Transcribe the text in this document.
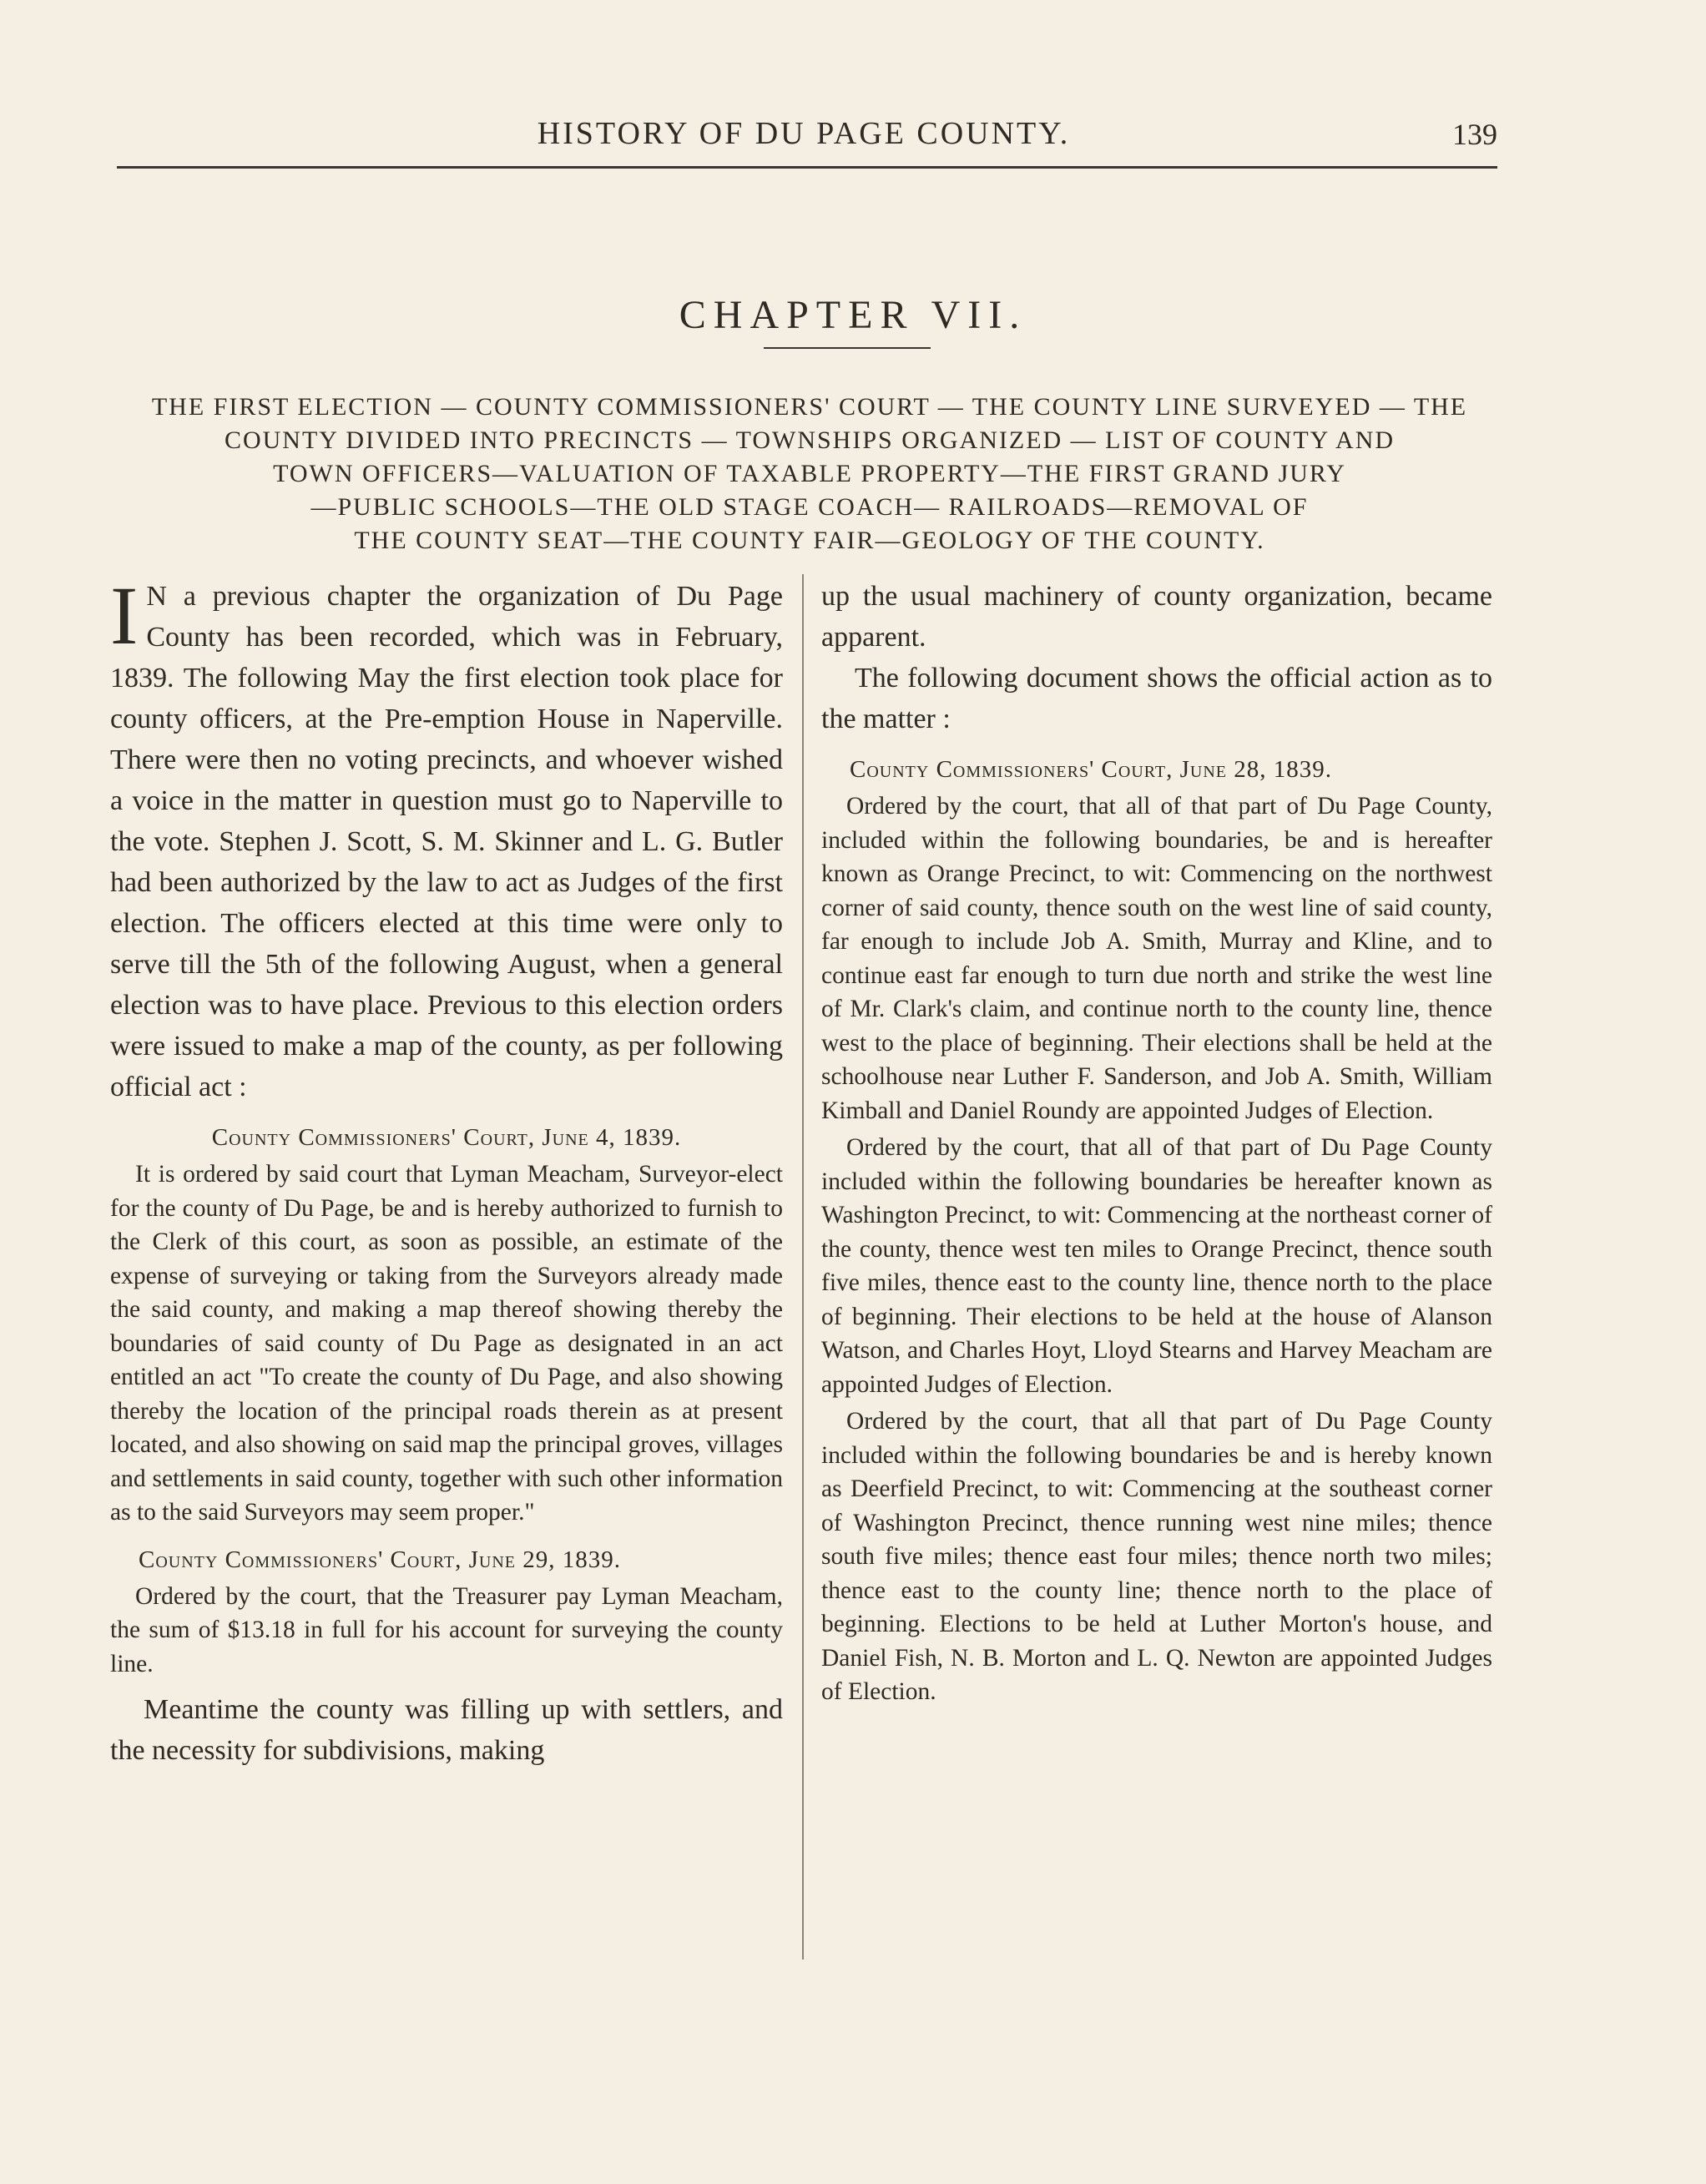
HISTORY OF DU PAGE COUNTY.	139
CHAPTER VII.
THE FIRST ELECTION — COUNTY COMMISSIONERS' COURT — THE COUNTY LINE SURVEYED — THE
COUNTY DIVIDED INTO PRECINCTS — TOWNSHIPS ORGANIZED — LIST OF COUNTY AND
TOWN OFFICERS—VALUATION OF TAXABLE PROPERTY—THE FIRST GRAND JURY
—PUBLIC SCHOOLS—THE OLD STAGE COACH— RAILROADS—REMOVAL OF
THE COUNTY SEAT—THE COUNTY FAIR—GEOLOGY OF THE COUNTY.
I N a previous chapter the organization of Du Page County has been recorded, which was in February, 1839. The following May the first election took place for county officers, at the Pre-emption House in Naperville. There were then no voting precincts, and whoever wished a voice in the matter in question must go to Naperville to the vote. Stephen J. Scott, S. M. Skinner and L. G. Butler had been authorized by the law to act as Judges of the first election. The officers elected at this time were only to serve till the 5th of the following August, when a general election was to have place. Previous to this election orders were issued to make a map of the county, as per following official act :

County Commissioners' Court, June 4, 1839.

It is ordered by said court that Lyman Meacham, Surveyor-elect for the county of Du Page, be and is hereby authorized to furnish to the Clerk of this court, as soon as possible, an estimate of the expense of surveying or taking from the Surveyors already made the said county, and making a map thereof showing thereby the boundaries of said county of Du Page as designated in an act entitled an act "To create the county of Du Page, and also showing thereby the location of the principal roads therein as at present located, and also showing on said map the principal groves, villages and settlements in said county, together with such other information as to the said Surveyors may seem proper."

County Commissioners' Court, June 29, 1839.

Ordered by the court, that the Treasurer pay Lyman Meacham, the sum of $13.18 in full for his account for surveying the county line.

Meantime the county was filling up with settlers, and the necessity for subdivisions, making

up the usual machinery of county organization, became apparent.

The following document shows the official action as to the matter :

County Commissioners' Court, June 28, 1839.

Ordered by the court, that all of that part of Du Page County, included within the following boundaries, be and is hereafter known as Orange Precinct, to wit: Commencing on the northwest corner of said county, thence south on the west line of said county, far enough to include Job A. Smith, Murray and Kline, and to continue east far enough to turn due north and strike the west line of Mr. Clark's claim, and continue north to the county line, thence west to the place of beginning. Their elections shall be held at the schoolhouse near Luther F. Sanderson, and Job A. Smith, William Kimball and Daniel Roundy are appointed Judges of Election.

Ordered by the court, that all of that part of Du Page County included within the following boundaries be hereafter known as Washington Precinct, to wit: Commencing at the northeast corner of the county, thence west ten miles to Orange Precinct, thence south five miles, thence east to the county line, thence north to the place of beginning. Their elections to be held at the house of Alanson Watson, and Charles Hoyt, Lloyd Stearns and Harvey Meacham are appointed Judges of Election.

Ordered by the court, that all that part of Du Page County included within the following boundaries be and is hereby known as Deerfield Precinct, to wit: Commencing at the southeast corner of Washington Precinct, thence running west nine miles; thence south five miles; thence east four miles; thence north two miles; thence east to the county line; thence north to the place of beginning. Elections to be held at Luther Morton's house, and Daniel Fish, N. B. Morton and L. Q. Newton are appointed Judges of Election.
